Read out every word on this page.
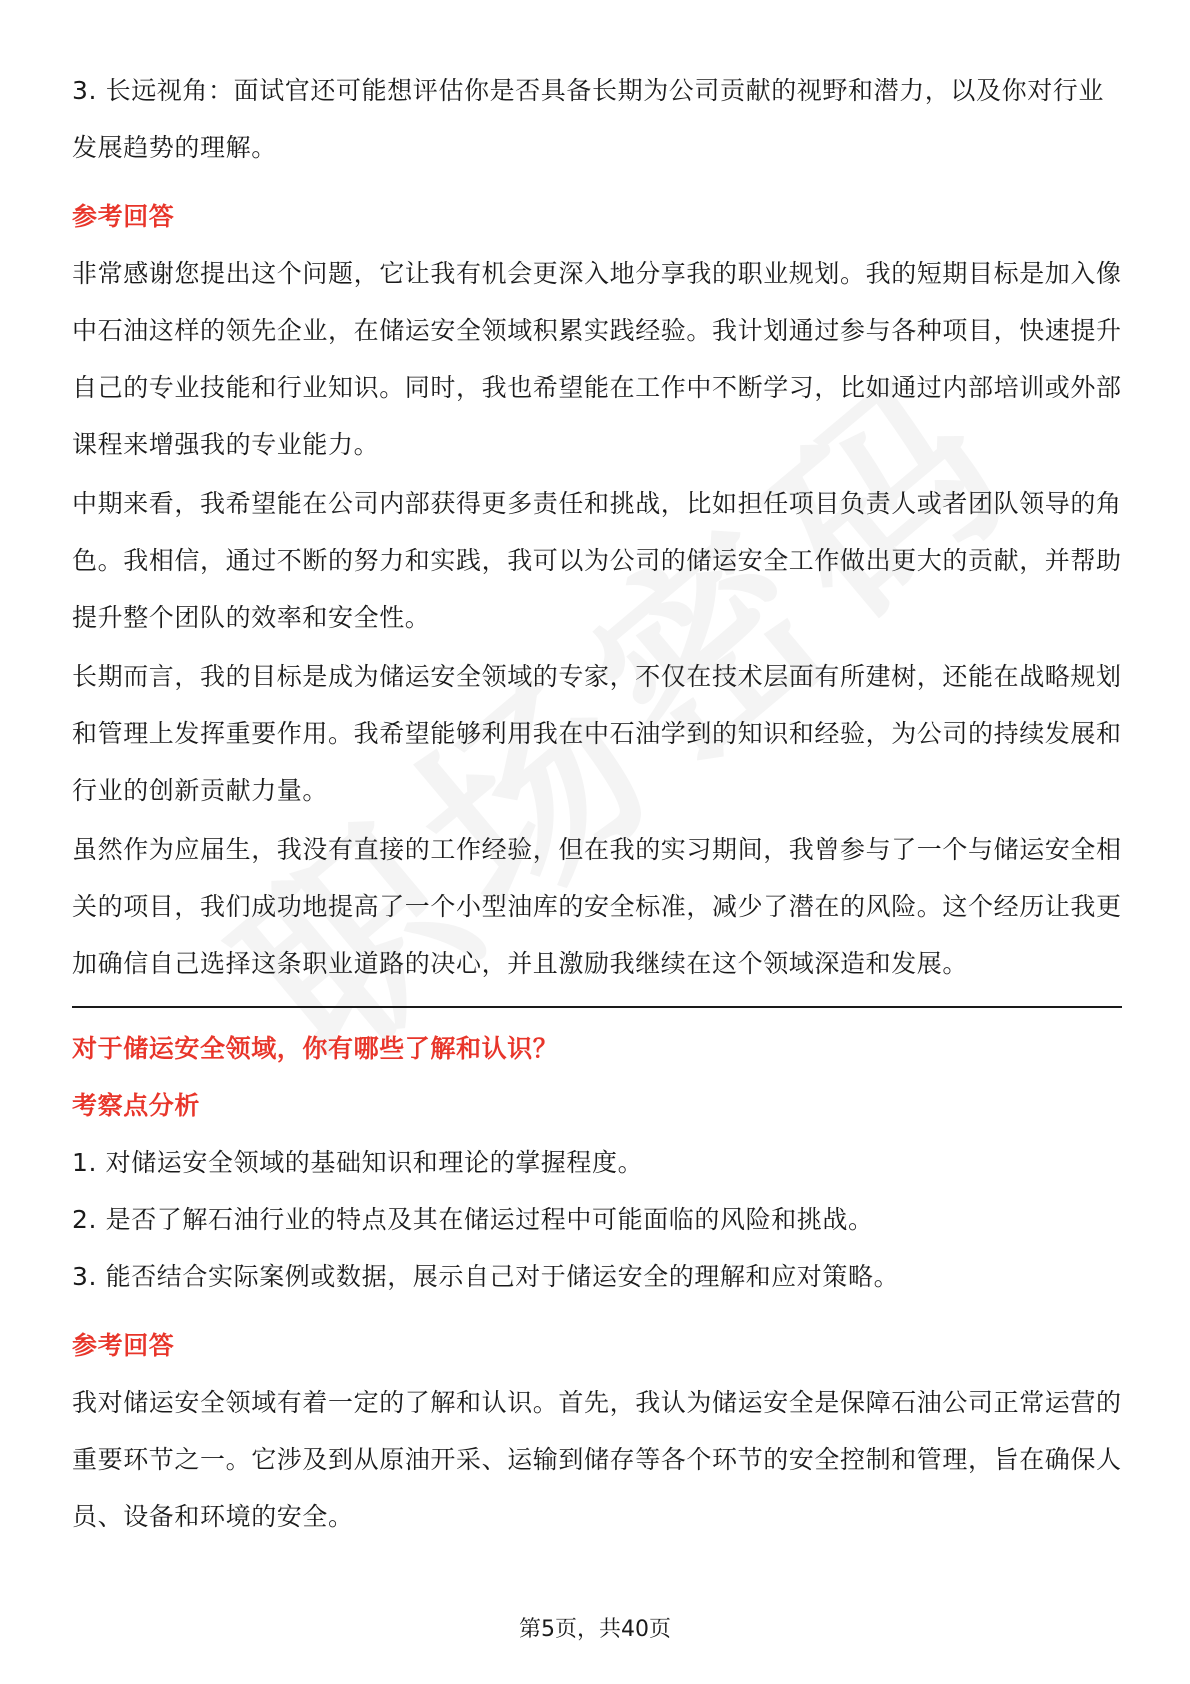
3. 长远视角：面试官还可能想评估你是否具备长期为公司贡献的视野和潜力，以及你对行业发展趋势的理解。

参考回答

非常感谢您提出这个问题，它让我有机会更深入地分享我的职业规划。我的短期目标是加入像中石油这样的领先企业，在储运安全领域积累实践经验。我计划通过参与各种项目，快速提升自己的专业技能和行业知识。同时，我也希望能在工作中不断学习，比如通过内部培训或外部课程来增强我的专业能力。

中期来看，我希望能在公司内部获得更多责任和挑战，比如担任项目负责人或者团队领导的角色。我相信，通过不断的努力和实践，我可以为公司的储运安全工作做出更大的贡献，并帮助提升整个团队的效率和安全性。

长期而言，我的目标是成为储运安全领域的专家，不仅在技术层面有所建树，还能在战略规划和管理上发挥重要作用。我希望能够利用我在中石油学到的知识和经验，为公司的持续发展和行业的创新贡献力量。

虽然作为应届生，我没有直接的工作经验，但在我的实习期间，我曾参与了一个与储运安全相关的项目，我们成功地提高了一个小型油库的安全标准，减少了潜在的风险。这个经历让我更加确信自己选择这条职业道路的决心，并且激励我继续在这个领域深造和发展。

对于储运安全领域，你有哪些了解和认识？
考察点分析

1. 对储运安全领域的基础知识和理论的掌握程度。

2. 是否了解石油行业的特点及其在储运过程中可能面临的风险和挑战。

3. 能否结合实际案例或数据，展示自己对于储运安全的理解和应对策略。

参考回答

我对储运安全领域有着一定的了解和认识。首先，我认为储运安全是保障石油公司正常运营的重要环节之一。它涉及到从原油开采、运输到储存等各个环节的安全控制和管理，旨在确保人员、设备和环境的安全。

第5页，共40页
